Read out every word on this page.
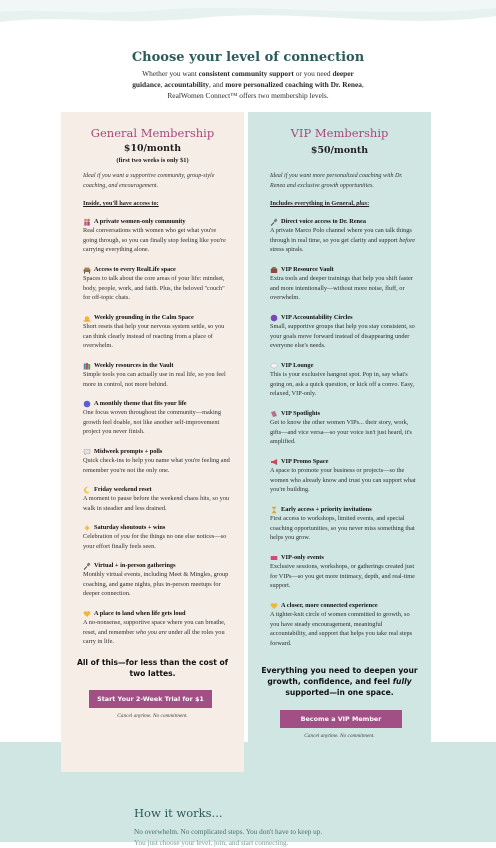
Choose your level of connection
Whether you want consistent community support or you need deeper guidance, accountability, and more personalized coaching with Dr. Renea, RealWomen Connect™ offers two membership levels.
General Membership
$10/month
(first two weeks is only $1)
Ideal if you want a supportive community, group-style coaching, and encouragement.
Inside, you'll have access to:
A private women-only community
Real conversations with women who get what you're going through, so you can finally stop feeling like you're carrying everything alone.
Access to every RealLife space
Spaces to talk about the core areas of your life: mindset, body, people, work, and faith. Plus, the beloved "couch" for off-topic chats.
Weekly grounding in the Calm Space
Short resets that help your nervous system settle, so you can think clearly instead of reacting from a place of overwhelm.
Weekly resources in the Vault
Simple tools you can actually use in real life, so you feel more in control, not more behind.
A monthly theme that fits your life
One focus woven throughout the community—making growth feel doable, not like another self-improvement project you never finish.
Midweek prompts + polls
Quick check-ins to help you name what you're feeling and remember you're not the only one.
Friday weekend reset
A moment to pause before the weekend chaos hits, so you walk in steadier and less drained.
Saturday shoutouts + wins
Celebration of you for the things no one else notices—so your effort finally feels seen.
Virtual + in-person gatherings
Monthly virtual events, including Meet & Mingles, group coaching, and game nights, plus in-person meetups for deeper connection.
A place to land when life gets loud
A no-nonsense, supportive space where you can breathe, reset, and remember who you are under all the roles you carry in life.
All of this—for less than the cost of two lattes.
Start Your 2-Week Trial for $1
Cancel anytime. No commitment.
VIP Membership
$50/month
Ideal if you want more personalized coaching with Dr. Renea and exclusive growth opportunities.
Includes everything in General, plus:
Direct voice access to Dr. Renea
A private Marco Polo channel where you can talk things through in real time, so you get clarity and support before stress spirals.
VIP Resource Vault
Extra tools and deeper trainings that help you shift faster and more intentionally—without more noise, fluff, or overwhelm.
VIP Accountability Circles
Small, supportive groups that help you stay consistent, so your goals move forward instead of disappearing under everyone else's needs.
VIP Lounge
This is your exclusive hangout spot. Pop in, say what's going on, ask a quick question, or kick off a convo. Easy, relaxed, VIP-only.
VIP Spotlights
Get to know the other women VIPs... their story, work, gifts—and vice versa—so your voice isn't just heard, it's amplified.
VIP Promo Space
A space to promote your business or projects—so the women who already know and trust you can support what you're building.
Early access + priority invitations
First access to workshops, limited events, and special coaching opportunities, so you never miss something that helps you grow.
VIP-only events
Exclusive sessions, workshops, or gatherings created just for VIPs—so you get more intimacy, depth, and real-time support.
A closer, more connected experience
A tighter-knit circle of women committed to growth, so you have steady encouragement, meaningful accountability, and support that helps you take real steps forward.
Everything you need to deepen your growth, confidence, and feel fully supported—in one space.
Become a VIP Member
Cancel anytime. No commitment.
How it works...
No overwhelm. No complicated steps. You don't have to keep up.
You just choose your level, join, and start connecting.
